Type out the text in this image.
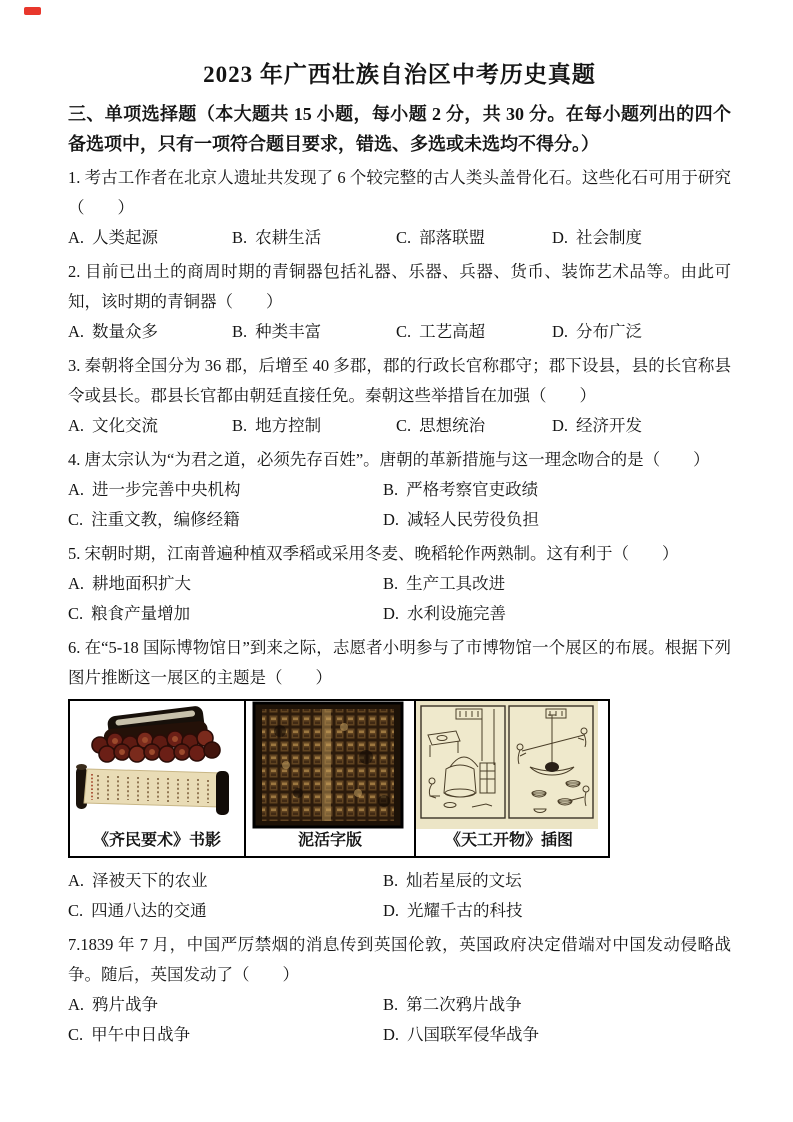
2023 年广西壮族自治区中考历史真题

三、单项选择题（本大题共 15 小题，每小题 2 分，共 30 分。在每小题列出的四个备选项中，只有一项符合题目要求，错选、多选或未选均不得分。）

1. 考古工作者在北京人遗址共发现了 6 个较完整的古人类头盖骨化石。这些化石可用于研究（　　）

A. 人类起源	B. 农耕生活	C. 部落联盟	D. 社会制度

2. 目前已出土的商周时期的青铜器包括礼器、乐器、兵器、货币、装饰艺术品等。由此可知，该时期的青铜器（　　）

A. 数量众多	B. 种类丰富	C. 工艺高超	D. 分布广泛

3. 秦朝将全国分为 36 郡，后增至 40 多郡，郡的行政长官称郡守；郡下设县，县的长官称县令或县长。郡县长官都由朝廷直接任免。秦朝这些举措旨在加强（　　）

A. 文化交流	B. 地方控制	C. 思想统治	D. 经济开发

4. 唐太宗认为“为君之道，必须先存百姓”。唐朝的革新措施与这一理念吻合的是（　　）

A. 进一步完善中央机构	B. 严格考察官吏政绩
C. 注重文教，编修经籍	D. 减轻人民劳役负担

5. 宋朝时期，江南普遍种植双季稻或采用冬麦、晚稻轮作两熟制。这有利于（　　）

A. 耕地面积扩大	B. 生产工具改进
C. 粮食产量增加	D. 水利设施完善

6. 在“5-18 国际博物馆日”到来之际，志愿者小明参与了市博物馆一个展区的布展。根据下列图片推断这一展区的主题是（　　）

《齐民要术》书影	泥活字版	《天工开物》插图
A. 泽被天下的农业	B. 灿若星辰的文坛
C. 四通八达的交通	D. 光耀千古的科技

7.1839 年 7 月，中国严厉禁烟的消息传到英国伦敦，英国政府决定借端对中国发动侵略战争。随后，英国发动了（　　）

A. 鸦片战争	B. 第二次鸦片战争
C. 甲午中日战争	D. 八国联军侵华战争
